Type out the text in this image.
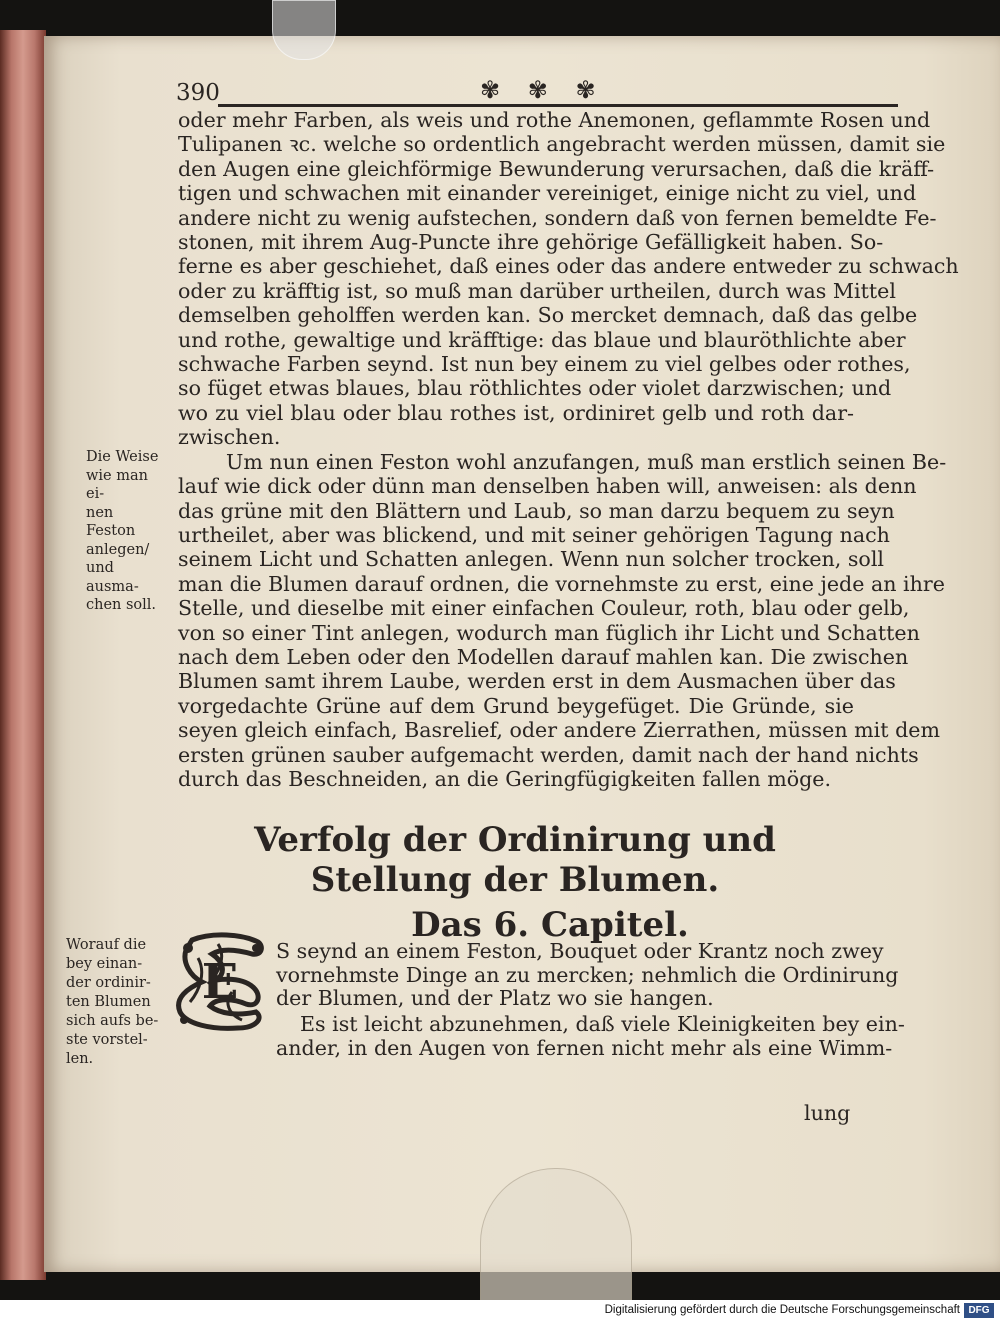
390	✾ ✾ ✾
oder mehr Farben, als weis und rothe Anemonen, geflammte Rosen und
Tulipanen ꝛc. welche so ordentlich angebracht werden müssen, damit sie
den Augen eine gleichförmige Bewunderung verursachen, daß die kräff-
tigen und schwachen mit einander vereiniget, einige nicht zu viel, und
andere nicht zu wenig aufstechen, sondern daß von fernen bemeldte Fe-
stonen, mit ihrem Aug-Puncte ihre gehörige Gefälligkeit haben. So-
ferne es aber geschiehet, daß eines oder das andere entweder zu schwach
oder zu kräfftig ist, so muß man darüber urtheilen, durch was Mittel
demselben geholffen werden kan. So mercket demnach, daß das gelbe
und rothe, gewaltige und kräfftige: das blaue und blauröthlichte aber
schwache Farben seynd. Ist nun bey einem zu viel gelbes oder rothes,
so füget etwas blaues, blau röthlichtes oder violet darzwischen; und
wo zu viel blau oder blau rothes ist, ordiniret gelb und roth dar-
zwischen.
Um nun einen Feston wohl anzufangen, muß man erstlich seinen Be-
lauf wie dick oder dünn man denselben haben will, anweisen: als denn
das grüne mit den Blättern und Laub, so man darzu bequem zu seyn
urtheilet, aber was blickend, und mit seiner gehörigen Tagung nach
seinem Licht und Schatten anlegen. Wenn nun solcher trocken, soll
man die Blumen darauf ordnen, die vornehmste zu erst, eine jede an ihre
Stelle, und dieselbe mit einer einfachen Couleur, roth, blau oder gelb,
von so einer Tint anlegen, wodurch man füglich ihr Licht und Schatten
nach dem Leben oder den Modellen darauf mahlen kan. Die zwischen
Blumen samt ihrem Laube, werden erst in dem Ausmachen über das
vorgedachte Grüne auf dem Grund beygefüget. Die Gründe, sie
seyen gleich einfach, Basrelief, oder andere Zierrathen, müssen mit dem
ersten grünen sauber aufgemacht werden, damit nach der hand nichts
durch das Beschneiden, an die Geringfügigkeiten fallen möge.
Die Weise
wie man ei-
nen Feston
anlegen/
und ausma-
chen soll.
Verfolg der Ordinirung und Stellung der Blumen.
Das 6. Capitel.
Worauf die
bey einan-
der ordinir-
ten Blumen
sich aufs be-
ste vorstel-
len.
E
S seynd an einem Feston, Bouquet oder Krantz noch zwey
vornehmste Dinge an zu mercken; nehmlich die Ordinirung
der Blumen, und der Platz wo sie hangen.
Es ist leicht abzunehmen, daß viele Kleinigkeiten bey ein-
ander, in den Augen von fernen nicht mehr als eine Wimm-
lung
Digitalisierung gefördert durch die Deutsche Forschungsgemeinschaft DFG
